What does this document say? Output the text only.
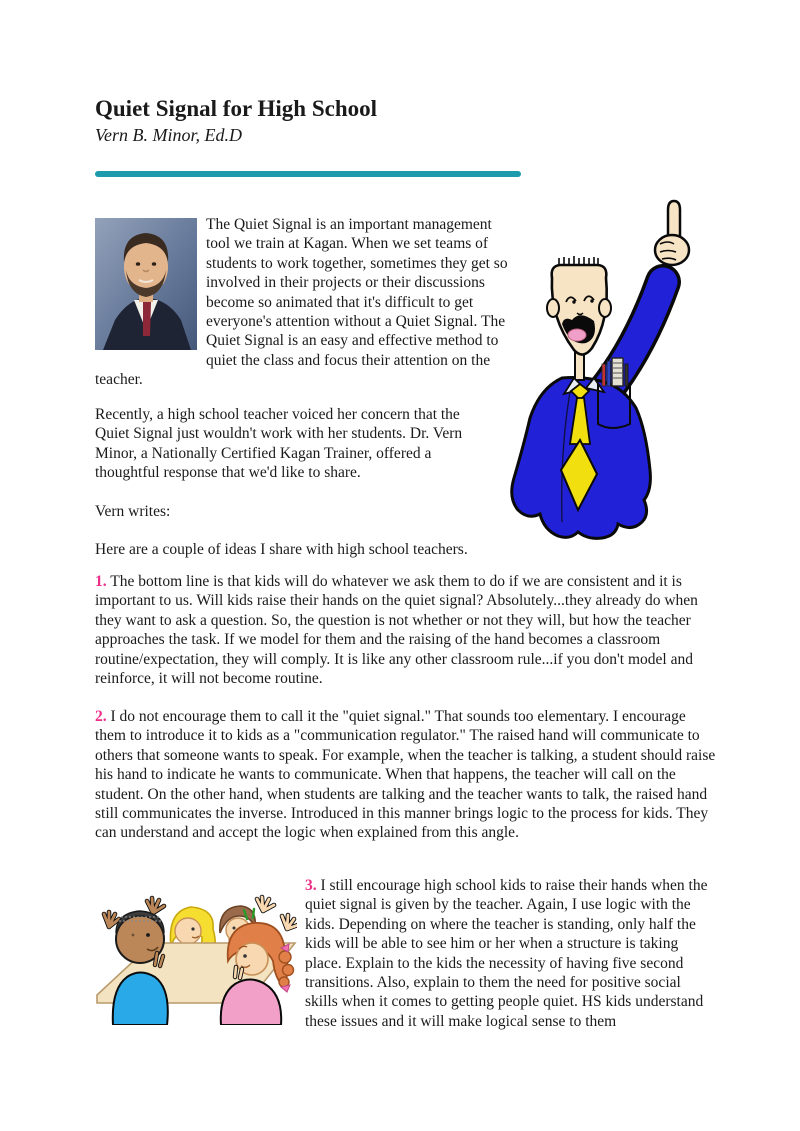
Quiet Signal for High School
Vern B. Minor, Ed.D
The Quiet Signal is an important management tool we train at Kagan. When we set teams of students to work together, sometimes they get so involved in their projects or their discussions become so animated that it's difficult to get everyone's attention without a Quiet Signal. The Quiet Signal is an easy and effective method to quiet the class and focus their attention on the teacher.

Recently, a high school teacher voiced her concern that the Quiet Signal just wouldn't work with her students. Dr. Vern Minor, a Nationally Certified Kagan Trainer, offered a thoughtful response that we'd like to share.

Vern writes:

Here are a couple of ideas I share with high school teachers.

1. The bottom line is that kids will do whatever we ask them to do if we are consistent and it is important to us. Will kids raise their hands on the quiet signal? Absolutely...they already do when they want to ask a question. So, the question is not whether or not they will, but how the teacher approaches the task. If we model for them and the raising of the hand becomes a classroom routine/expectation, they will comply. It is like any other classroom rule...if you don't model and reinforce, it will not become routine.

2. I do not encourage them to call it the "quiet signal." That sounds too elementary. I encourage them to introduce it to kids as a "communication regulator." The raised hand will communicate to others that someone wants to speak. For example, when the teacher is talking, a student should raise his hand to indicate he wants to communicate. When that happens, the teacher will call on the student. On the other hand, when students are talking and the teacher wants to talk, the raised hand still communicates the inverse. Introduced in this manner brings logic to the process for kids. They can understand and accept the logic when explained from this angle.

3. I still encourage high school kids to raise their hands when the quiet signal is given by the teacher. Again, I use logic with the kids. Depending on where the teacher is standing, only half the kids will be able to see him or her when a structure is taking place. Explain to the kids the necessity of having five second transitions. Also, explain to them the need for positive social skills when it comes to getting people quiet. HS kids understand these issues and it will make logical sense to them
